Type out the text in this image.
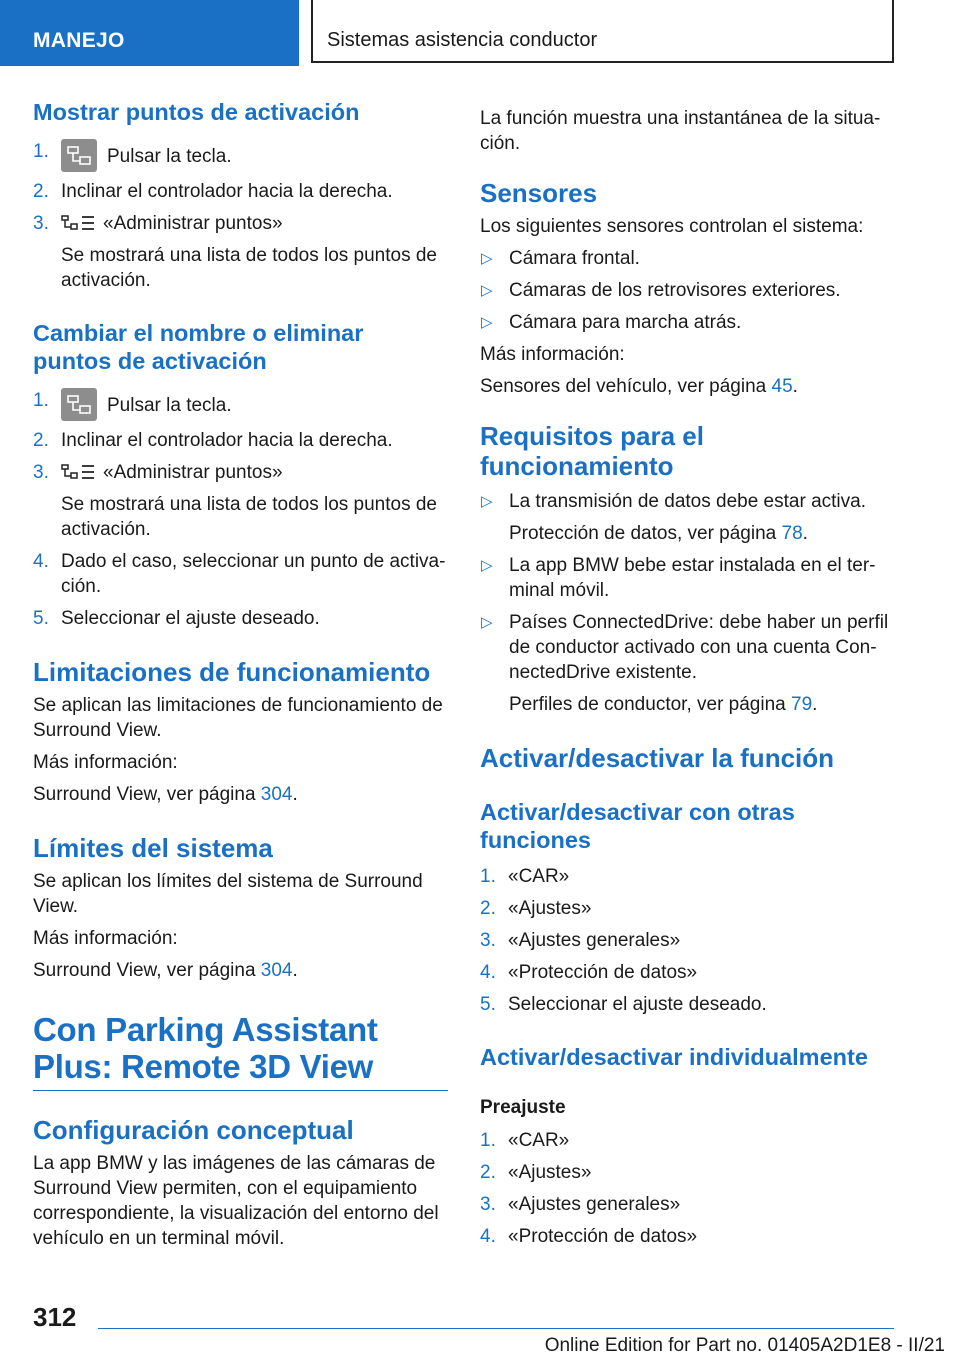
MANEJO	Sistemas asistencia conductor
Mostrar puntos de activación
1.	Pulsar la tecla.
2. Inclinar el controlador hacia la derecha.
3.	«Administrar puntos»
Se mostrará una lista de todos los puntos de activación.
Cambiar el nombre o eliminar puntos de activación
1.	Pulsar la tecla.
2. Inclinar el controlador hacia la derecha.
3.	«Administrar puntos»
Se mostrará una lista de todos los puntos de activación.
4. Dado el caso, seleccionar un punto de activación.
5. Seleccionar el ajuste deseado.
Limitaciones de funcionamiento

Se aplican las limitaciones de funcionamiento de Surround View.

Más información:

Surround View, ver página 304.

Límites del sistema

Se aplican los límites del sistema de Surround View.

Más información:

Surround View, ver página 304.

Con Parking Assistant
Plus: Remote 3D View
Configuración conceptual

La app BMW y las imágenes de las cámaras de Surround View permiten, con el equipamiento correspondiente, la visualización del entorno del vehículo en un terminal móvil.

La función muestra una instantánea de la situación.

Sensores

Los siguientes sensores controlan el sistema:

▷ Cámara frontal.
▷ Cámaras de los retrovisores exteriores.
▷ Cámara para marcha atrás.

Más información:

Sensores del vehículo, ver página 45.

Requisitos para el funcionamiento
▷ La transmisión de datos debe estar activa.
Protección de datos, ver página 78.
▷ La app BMW bebe estar instalada en el terminal móvil.
▷ Países ConnectedDrive: debe haber un perfil de conductor activado con una cuenta ConnectedDrive existente.
Perfiles de conductor, ver página 79.
Activar/desactivar la función
Activar/desactivar con otras funciones
1. «CAR»
2. «Ajustes»
3. «Ajustes generales»
4. «Protección de datos»
5. Seleccionar el ajuste deseado.
Activar/desactivar individualmente
Preajuste
1. «CAR»
2. «Ajustes»
3. «Ajustes generales»
4. «Protección de datos»
312
Online Edition for Part no. 01405A2D1E8 - II/21
